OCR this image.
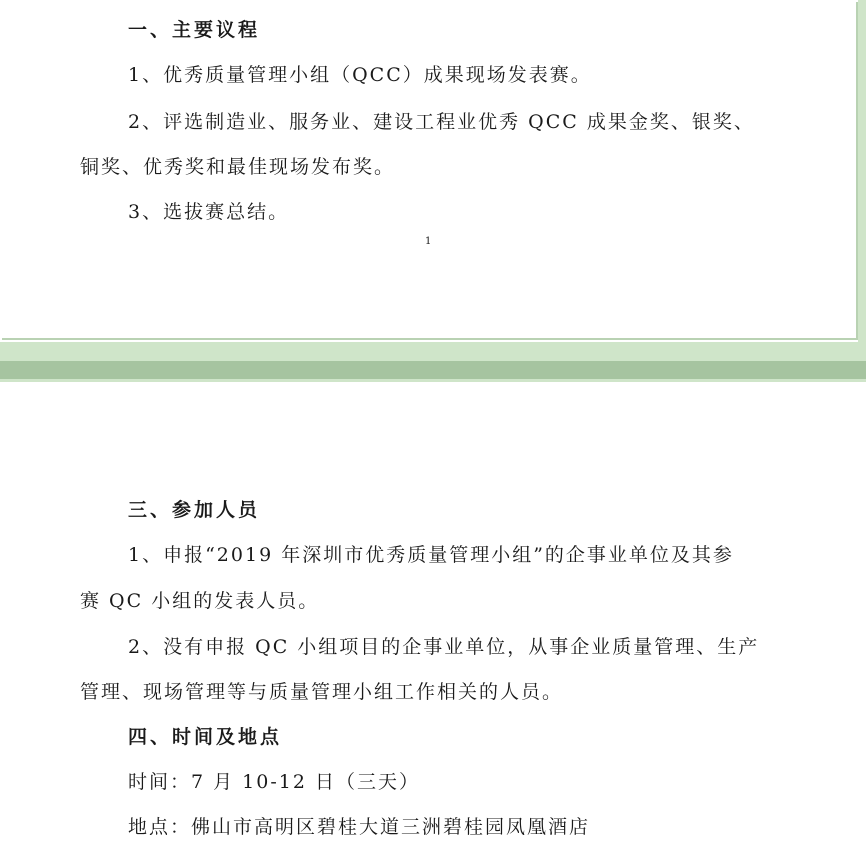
一、主要议程
1、优秀质量管理小组（QCC）成果现场发表赛。
2、评选制造业、服务业、建设工程业优秀 QCC 成果金奖、银奖、
铜奖、优秀奖和最佳现场发布奖。
3、选拔赛总结。
1
三、参加人员
1、申报“2019 年深圳市优秀质量管理小组”的企事业单位及其参
赛 QC 小组的发表人员。
2、没有申报 QC 小组项目的企事业单位，从事企业质量管理、生产
管理、现场管理等与质量管理小组工作相关的人员。
四、时间及地点
时间：7 月 10-12 日（三天）
地点：佛山市高明区碧桂大道三洲碧桂园凤凰酒店
